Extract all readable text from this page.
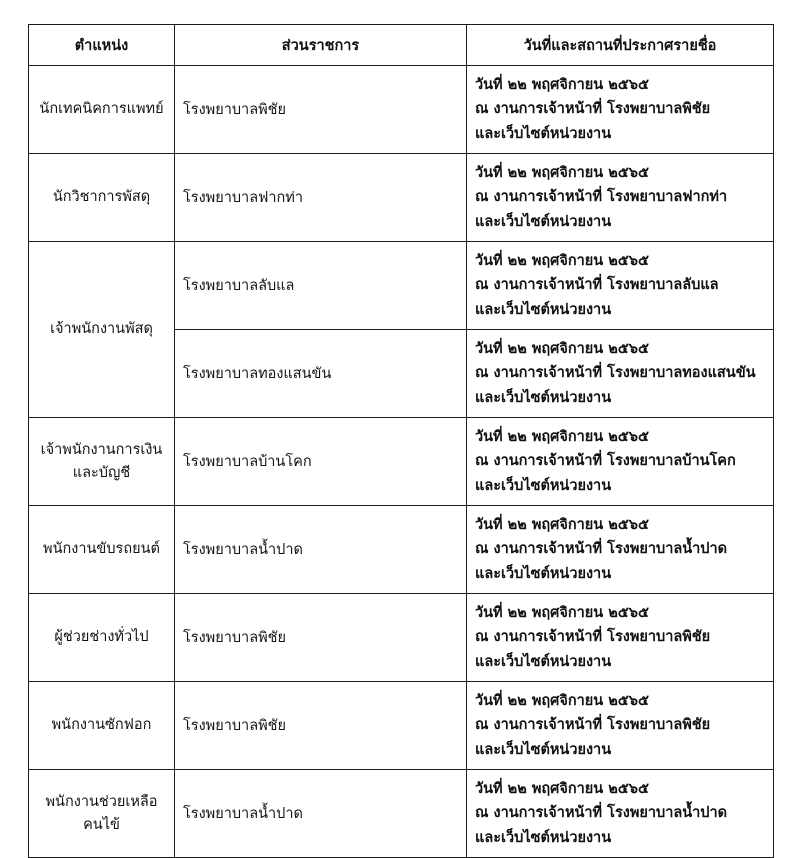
ตำแหน่ง	ส่วนราชการ	วันที่และสถานที่ประกาศรายชื่อ
นักเทคนิคการแพทย์	โรงพยาบาลพิชัย	วันที่ ๒๒ พฤศจิกายน ๒๕๖๕
ณ งานการเจ้าหน้าที่ โรงพยาบาลพิชัย
และเว็บไซต์หน่วยงาน

นักวิชาการพัสดุ	โรงพยาบาลฟากท่า	วันที่ ๒๒ พฤศจิกายน ๒๕๖๕
ณ งานการเจ้าหน้าที่ โรงพยาบาลฟากท่า
และเว็บไซต์หน่วยงาน

เจ้าพนักงานพัสดุ	โรงพยาบาลลับแล	วันที่ ๒๒ พฤศจิกายน ๒๕๖๕
ณ งานการเจ้าหน้าที่ โรงพยาบาลลับแล
และเว็บไซต์หน่วยงาน

	โรงพยาบาลทองแสนขัน	วันที่ ๒๒ พฤศจิกายน ๒๕๖๕
ณ งานการเจ้าหน้าที่ โรงพยาบาลทองแสนขัน
และเว็บไซต์หน่วยงาน

เจ้าพนักงานการเงิน
และบัญชี	โรงพยาบาลบ้านโคก	วันที่ ๒๒ พฤศจิกายน ๒๕๖๕
ณ งานการเจ้าหน้าที่ โรงพยาบาลบ้านโคก
และเว็บไซต์หน่วยงาน

พนักงานขับรถยนต์	โรงพยาบาลน้ำปาด	วันที่ ๒๒ พฤศจิกายน ๒๕๖๕
ณ งานการเจ้าหน้าที่ โรงพยาบาลน้ำปาด
และเว็บไซต์หน่วยงาน

ผู้ช่วยช่างทั่วไป	โรงพยาบาลพิชัย	วันที่ ๒๒ พฤศจิกายน ๒๕๖๕
ณ งานการเจ้าหน้าที่ โรงพยาบาลพิชัย
และเว็บไซต์หน่วยงาน

พนักงานซักฟอก	โรงพยาบาลพิชัย	วันที่ ๒๒ พฤศจิกายน ๒๕๖๕
ณ งานการเจ้าหน้าที่ โรงพยาบาลพิชัย
และเว็บไซต์หน่วยงาน

พนักงานช่วยเหลือ
คนไข้	โรงพยาบาลน้ำปาด	วันที่ ๒๒ พฤศจิกายน ๒๕๖๕
ณ งานการเจ้าหน้าที่ โรงพยาบาลน้ำปาด
และเว็บไซต์หน่วยงาน
